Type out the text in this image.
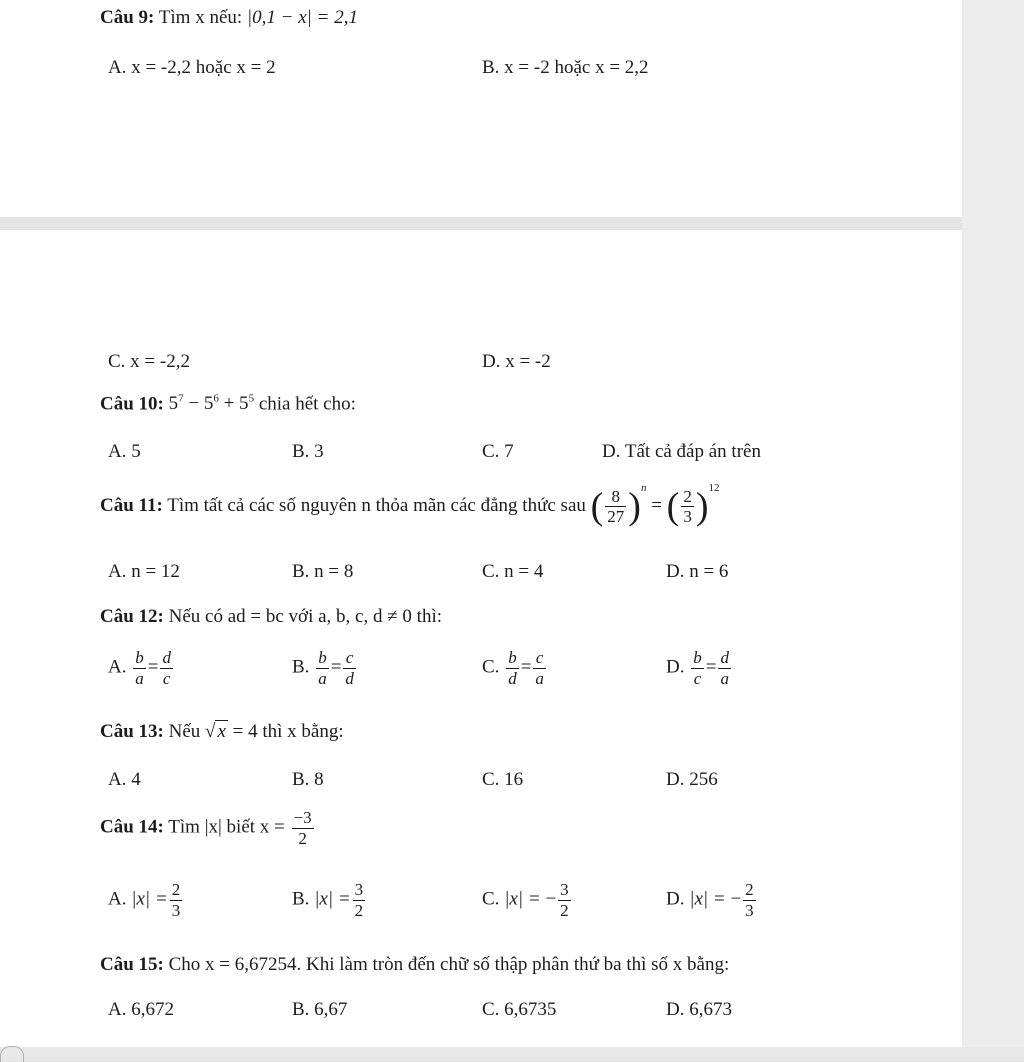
Câu 9: Tìm x nếu: |0,1 − x| = 2,1
A. x = -2,2 hoặc x = 2	B. x = -2 hoặc x = 2,2
C. x = -2,2	D. x = -2
Câu 10: $5^7 - 5^6 + 5^5$ chia hết cho:
A. 5	B. 3	C. 7	D. Tất cả đáp án trên
Câu 11: Tìm tất cả các số nguyên n thỏa mãn các đẳng thức sau ( $\frac{8}{27} )^n$ = ( $\frac{2}{3} )^{12}$
A. n = 12	B. n = 8	C. n = 4	D. n = 6
Câu 12: Nếu có ad = bc với a, b, c, d ≠ 0 thì:
A. $\frac{b}{a} = \frac{d}{c}$	B. $\frac{b}{a} = \frac{c}{d}$	C. $\frac{b}{d} = \frac{c}{a}$	D. $\frac{b}{c} = \frac{d}{a}$
Câu 13: Nếu √ x = 4 thì x bằng:
A. 4	B. 8	C. 16	D. 256
Câu 14: Tìm |x| biết $x = \frac{-3}{2}$
A. $|x| = \frac{2}{3}$	B. $|x| = \frac{3}{2}$	C. |x| = − $\frac{3}{2}$	D. |x| = − $\frac{2}{3}$
Câu 15: Cho x = 6,67254. Khi làm tròn đến chữ số thập phân thứ ba thì số x bằng:
A. 6,672	B. 6,67	C. 6,6735	D. 6,673
